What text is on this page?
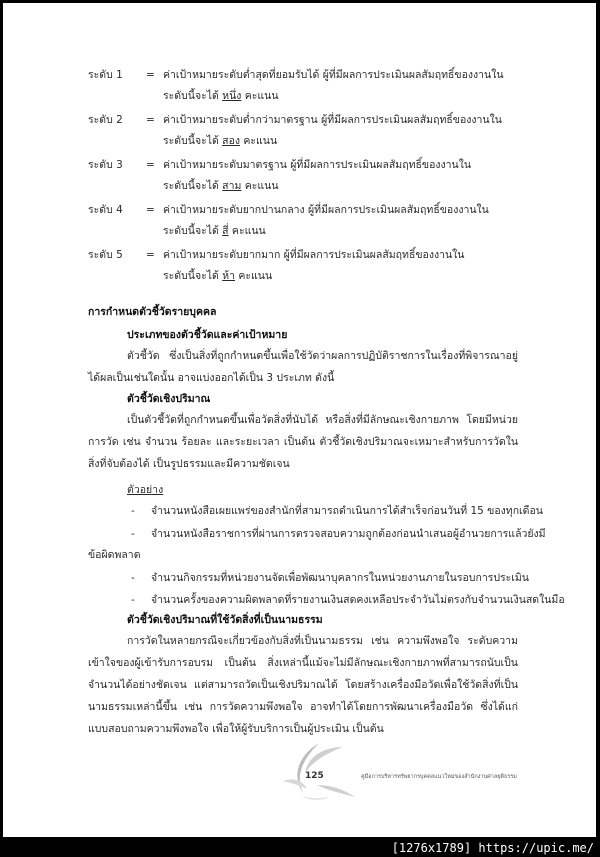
ระดับ 1 = ค่าเป้าหมายระดับต่ำสุดที่ยอมรับได้ ผู้ที่มีผลการประเมินผลสัมฤทธิ์ของงานใน
ระดับนี้จะได้ หนึ่ง คะแนน
ระดับ 2 = ค่าเป้าหมายระดับต่ำกว่ามาตรฐาน ผู้ที่มีผลการประเมินผลสัมฤทธิ์ของงานใน
ระดับนี้จะได้ สอง คะแนน
ระดับ 3 = ค่าเป้าหมายระดับมาตรฐาน ผู้ที่มีผลการประเมินผลสัมฤทธิ์ของงานใน
ระดับนี้จะได้ สาม คะแนน
ระดับ 4 = ค่าเป้าหมายระดับยากปานกลาง ผู้ที่มีผลการประเมินผลสัมฤทธิ์ของงานใน
ระดับนี้จะได้ สี่ คะแนน
ระดับ 5 = ค่าเป้าหมายระดับยากมาก ผู้ที่มีผลการประเมินผลสัมฤทธิ์ของงานใน
ระดับนี้จะได้ ห้า คะแนน
การกำหนดตัวชี้วัดรายบุคคล
ประเภทของตัวชี้วัดและค่าเป้าหมาย
ตัวชี้วัด ซึ่งเป็นสิ่งที่ถูกกำหนดขึ้นเพื่อใช้วัดว่าผลการปฏิบัติราชการในเรื่องที่พิจารณาอยู่ได้ผลเป็นเช่นใดนั้น อาจแบ่งออกได้เป็น 3 ประเภท ดังนี้
ตัวชี้วัดเชิงปริมาณ
เป็นตัวชี้วัดที่ถูกกำหนดขึ้นเพื่อวัดสิ่งที่นับได้ หรือสิ่งที่มีลักษณะเชิงกายภาพ โดยมีหน่วยการวัด เช่น จำนวน ร้อยละ และระยะเวลา เป็นต้น ตัวชี้วัดเชิงปริมาณจะเหมาะสำหรับการวัดในสิ่งที่จับต้องได้ เป็นรูปธรรมและมีความชัดเจน
ตัวอย่าง
- จำนวนหนังสือเผยแพร่ของสำนักที่สามารถดำเนินการได้สำเร็จก่อนวันที่ 15 ของทุกเดือน
- จำนวนหนังสือราชการที่ผ่านการตรวจสอบความถูกต้องก่อนนำเสนอผู้อำนวยการแล้วยังมี
ข้อผิดพลาด
- จำนวนกิจกรรมที่หน่วยงานจัดเพื่อพัฒนาบุคลากรในหน่วยงานภายในรอบการประเมิน
- จำนวนครั้งของความผิดพลาดที่รายงานเงินสดคงเหลือประจำวันไม่ตรงกับจำนวนเงินสดในมือ
ตัวชี้วัดเชิงปริมาณที่ใช้วัดสิ่งที่เป็นนามธรรม
การวัดในหลายกรณีจะเกี่ยวข้องกับสิ่งที่เป็นนามธรรม เช่น ความพึงพอใจ ระดับความเข้าใจของผู้เข้ารับการอบรม เป็นต้น สิ่งเหล่านี้แม้จะไม่มีลักษณะเชิงกายภาพที่สามารถนับเป็นจำนวนได้อย่างชัดเจน แต่สามารถวัดเป็นเชิงปริมาณได้ โดยสร้างเครื่องมือวัดเพื่อใช้วัดสิ่งที่เป็นนามธรรมเหล่านี้ขึ้น เช่น การวัดความพึงพอใจ อาจทำได้โดยการพัฒนาเครื่องมือวัด ซึ่งได้แก่ แบบสอบถามความพึงพอใจ เพื่อให้ผู้รับบริการเป็นผู้ประเมิน เป็นต้น
125	คู่มือการบริหารทรัพยากรบุคคลแนวใหม่ของสำนักงานศาลยุติธรรม
[1276x1789] https://upic.me/
